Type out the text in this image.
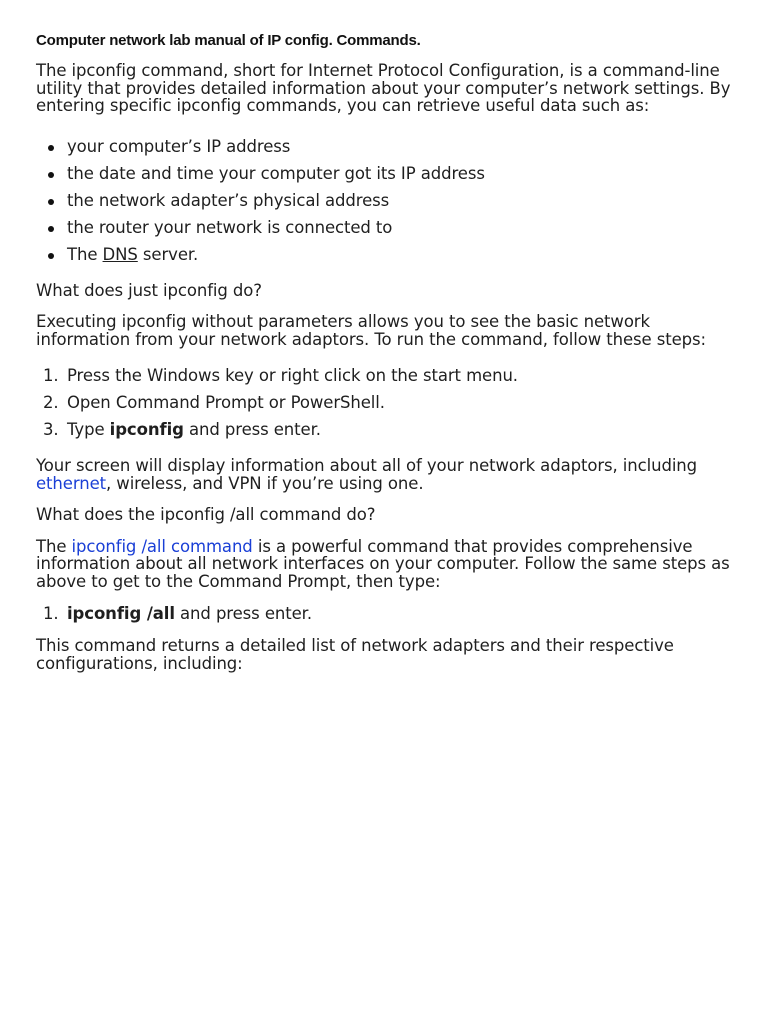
Computer network lab manual of IP config. Commands.

The ipconfig command, short for Internet Protocol Configuration, is a command-line utility that provides detailed information about your computer’s network settings. By entering specific ipconfig commands, you can retrieve useful data such as:

your computer’s IP address
the date and time your computer got its IP address
the network adapter’s physical address
the router your network is connected to
The DNS server.

What does just ipconfig do?

Executing ipconfig without parameters allows you to see the basic network information from your network adaptors. To run the command, follow these steps:

1. Press the Windows key or right click on the start menu.
2. Open Command Prompt or PowerShell.
3. Type ipconfig and press enter.

Your screen will display information about all of your network adaptors, including ethernet, wireless, and VPN if you’re using one.

What does the ipconfig /all command do?

The ipconfig /all command is a powerful command that provides comprehensive information about all network interfaces on your computer. Follow the same steps as above to get to the Command Prompt, then type:

1. ipconfig /all and press enter.

This command returns a detailed list of network adapters and their respective configurations, including:
